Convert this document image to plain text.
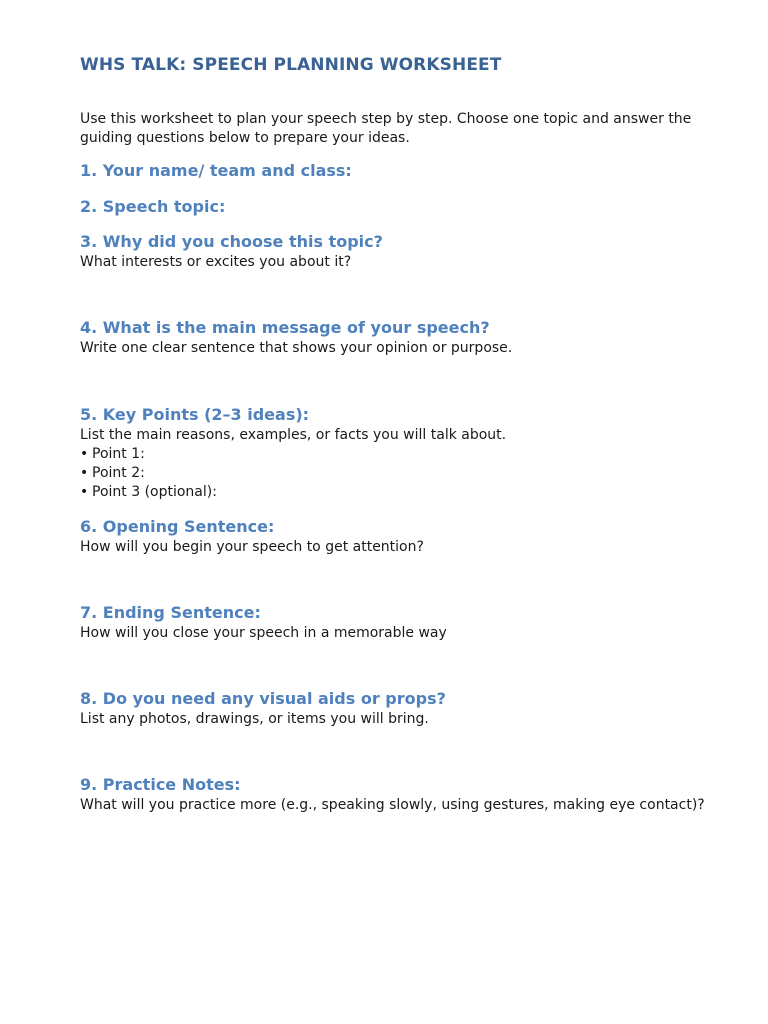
WHS TALK: SPEECH PLANNING WORKSHEET

Use this worksheet to plan your speech step by step. Choose one topic and answer the guiding questions below to prepare your ideas.

1. Your name/ team and class:
2. Speech topic:
3. Why did you choose this topic?

What interests or excites you about it?

4. What is the main message of your speech?

Write one clear sentence that shows your opinion or purpose.

5. Key Points (2–3 ideas):

List the main reasons, examples, or facts you will talk about.

• Point 1:
• Point 2:
• Point 3 (optional):
6. Opening Sentence:

How will you begin your speech to get attention?

7. Ending Sentence:

How will you close your speech in a memorable way

8. Do you need any visual aids or props?

List any photos, drawings, or items you will bring.

9. Practice Notes:

What will you practice more (e.g., speaking slowly, using gestures, making eye contact)?
